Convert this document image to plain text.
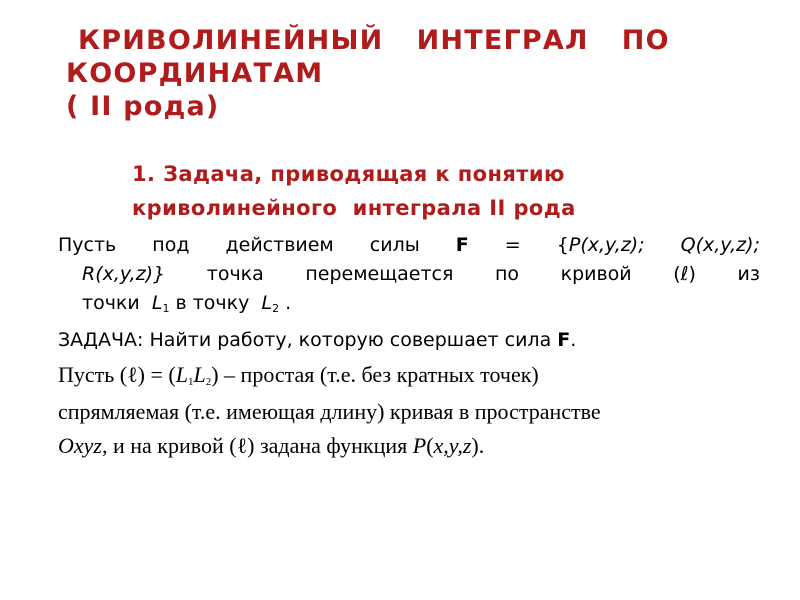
КРИВОЛИНЕЙНЫЙ  ИНТЕГРАЛ  ПО
КООРДИНАТАМ
( II рода)
1. Задача, приводящая к понятию
криволинейного  интеграла II рода
Пусть под действием силы F = {P(x,y,z); Q(x,y,z);
R(x,y,z)} точка перемещается по кривой (ℓ) из
точки $L_1$ в точку $L_2$ .
ЗАДАЧА: Найти работу, которую совершает сила F.
Пусть (ℓ) = $(L_1L_2)$ – простая (т.е. без кратных точек)
спрямляемая (т.е. имеющая длину) кривая в пространстве
Oxyz, и на кривой (ℓ) задана функция P(x,y,z).
